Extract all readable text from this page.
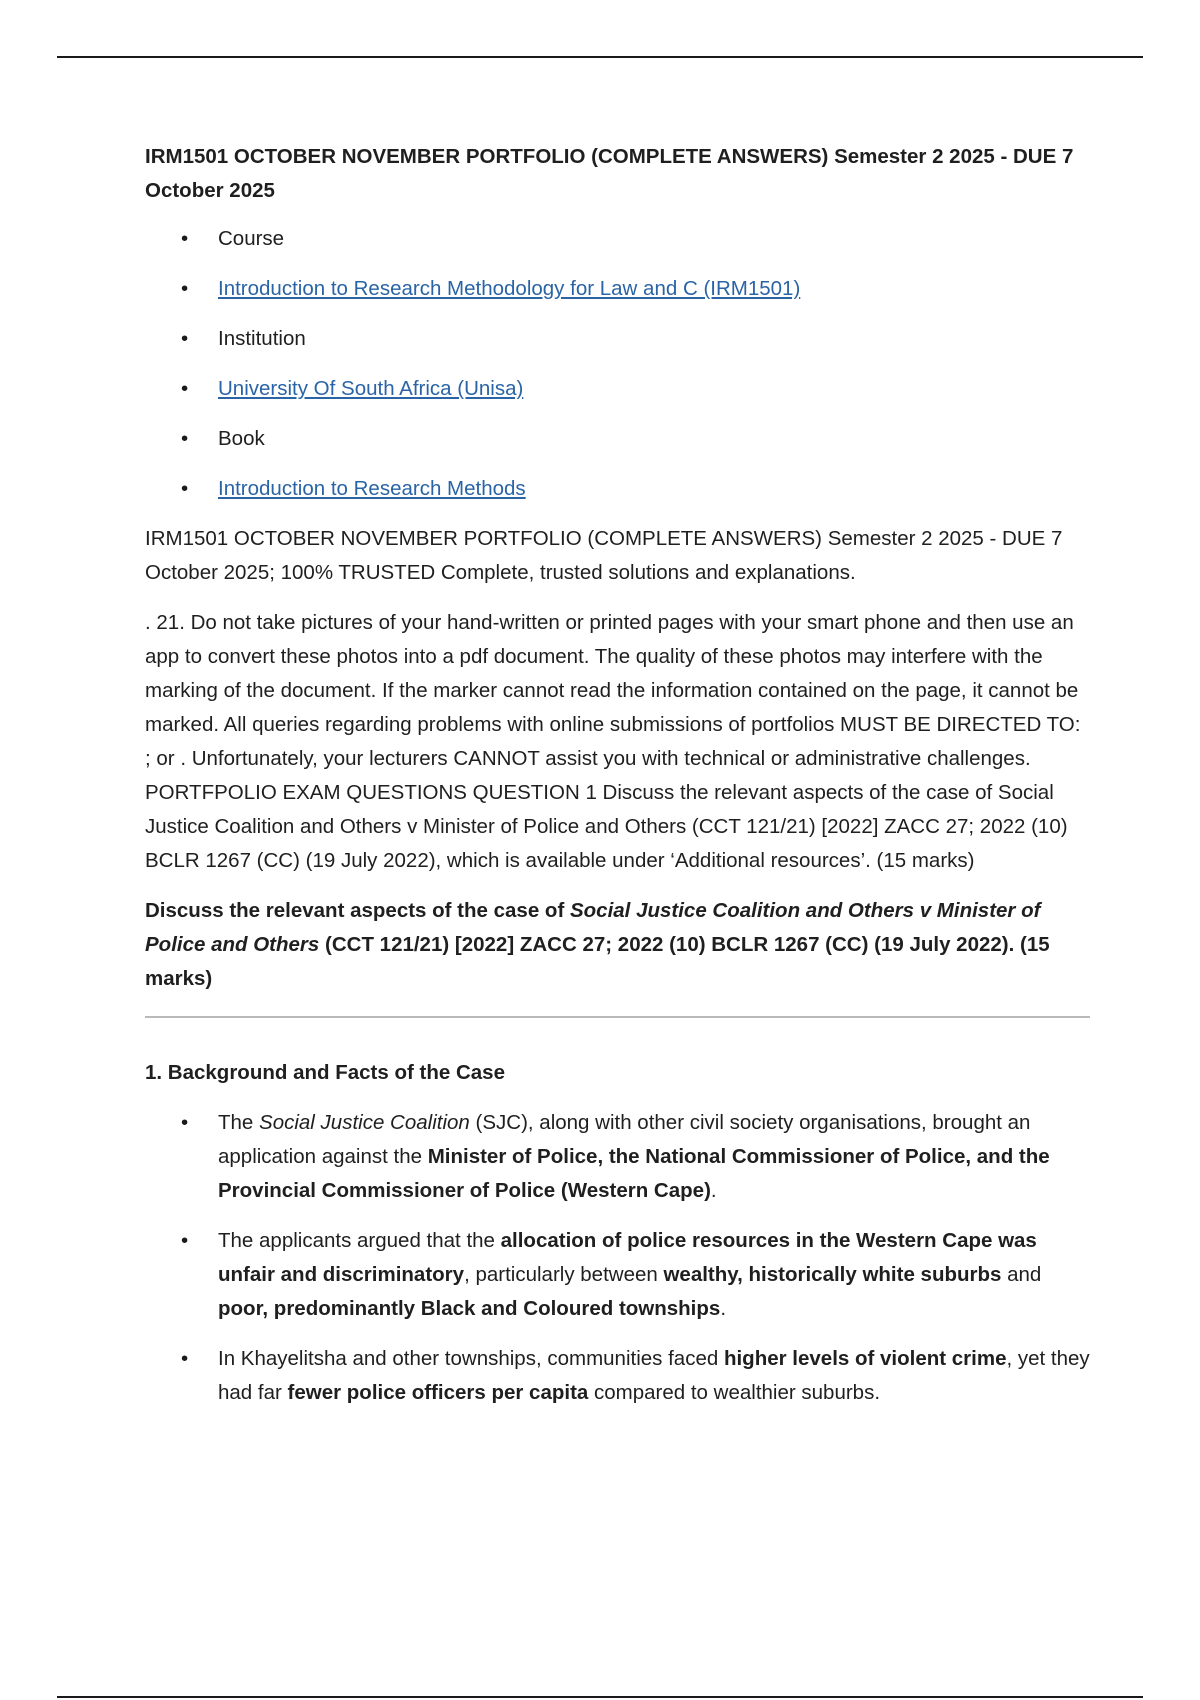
IRM1501 OCTOBER NOVEMBER PORTFOLIO (COMPLETE ANSWERS) Semester 2 2025 - DUE 7 October 2025
• Course
• Introduction to Research Methodology for Law and C (IRM1501)
• Institution
• University Of South Africa (Unisa)
• Book
• Introduction to Research Methods

IRM1501 OCTOBER NOVEMBER PORTFOLIO (COMPLETE ANSWERS) Semester 2 2025 - DUE 7 October 2025; 100% TRUSTED Complete, trusted solutions and explanations.

. 21. Do not take pictures of your hand-written or printed pages with your smart phone and then use an app to convert these photos into a pdf document. The quality of these photos may interfere with the marking of the document. If the marker cannot read the information contained on the page, it cannot be marked. All queries regarding problems with online submissions of portfolios MUST BE DIRECTED TO: ; or . Unfortunately, your lecturers CANNOT assist you with technical or administrative challenges. PORTFPOLIO EXAM QUESTIONS QUESTION 1 Discuss the relevant aspects of the case of Social Justice Coalition and Others v Minister of Police and Others (CCT 121/21) [2022] ZACC 27; 2022 (10) BCLR 1267 (CC) (19 July 2022), which is available under ‘Additional resources’. (15 marks)

Discuss the relevant aspects of the case of Social Justice Coalition and Others v Minister of Police and Others (CCT 121/21) [2022] ZACC 27; 2022 (10) BCLR 1267 (CC) (19 July 2022). (15 marks)

1. Background and Facts of the Case
• The Social Justice Coalition (SJC), along with other civil society organisations, brought an application against the Minister of Police, the National Commissioner of Police, and the Provincial Commissioner of Police (Western Cape).
• The applicants argued that the allocation of police resources in the Western Cape was unfair and discriminatory, particularly between wealthy, historically white suburbs and poor, predominantly Black and Coloured townships.
• In Khayelitsha and other townships, communities faced higher levels of violent crime, yet they had far fewer police officers per capita compared to wealthier suburbs.
